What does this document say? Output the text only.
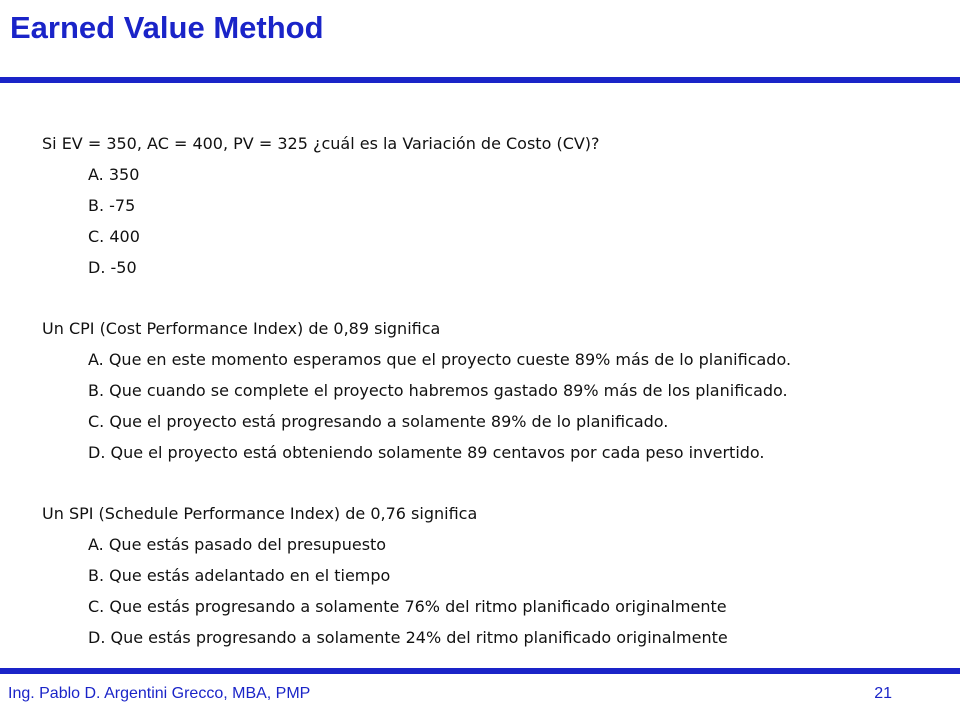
Earned Value Method
Si EV = 350, AC = 400, PV = 325 ¿cuál es la Variación de Costo (CV)?
A. 350
B. -75
C. 400
D. -50
Un CPI (Cost Performance Index) de 0,89 significa
A. Que en este momento esperamos que el proyecto cueste 89% más de lo planificado.
B. Que cuando se complete el proyecto habremos gastado 89% más de los planificado.
C. Que el proyecto está progresando a solamente 89% de lo planificado.
D. Que el proyecto está obteniendo solamente 89 centavos por cada peso invertido.
Un SPI (Schedule Performance Index) de 0,76 significa
A. Que estás pasado del presupuesto
B. Que estás adelantado en el tiempo
C. Que estás progresando a solamente 76% del ritmo planificado originalmente
D. Que estás progresando a solamente 24% del ritmo planificado originalmente
Ing. Pablo D. Argentini Grecco, MBA, PMP	21
